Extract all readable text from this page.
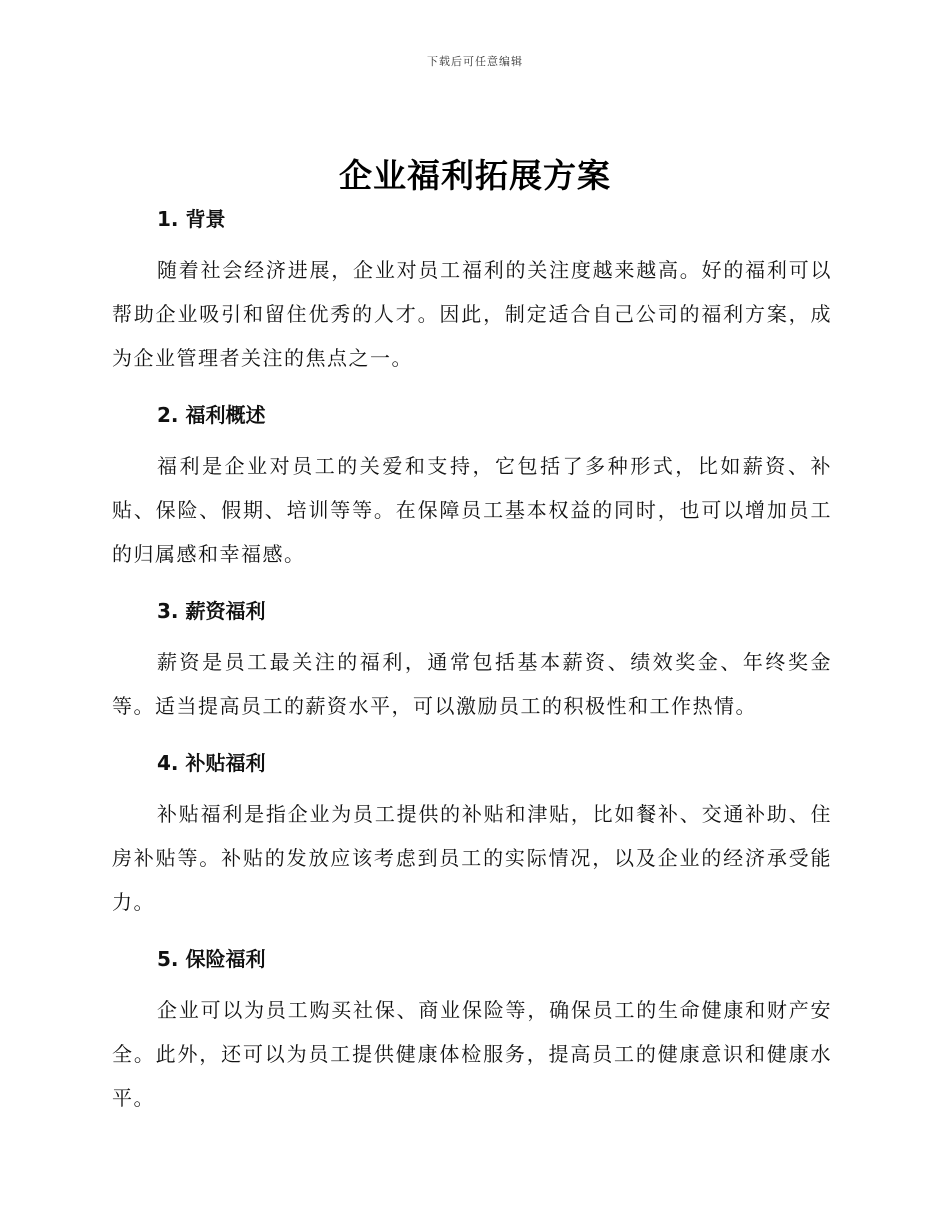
下载后可任意编辑
企业福利拓展方案
1. 背景

随着社会经济进展，企业对员工福利的关注度越来越高。好的福利可以帮助企业吸引和留住优秀的人才。因此，制定适合自己公司的福利方案，成为企业管理者关注的焦点之一。

2. 福利概述

福利是企业对员工的关爱和支持，它包括了多种形式，比如薪资、补贴、保险、假期、培训等等。在保障员工基本权益的同时，也可以增加员工的归属感和幸福感。

3. 薪资福利

薪资是员工最关注的福利，通常包括基本薪资、绩效奖金、年终奖金等。适当提高员工的薪资水平，可以激励员工的积极性和工作热情。

4. 补贴福利

补贴福利是指企业为员工提供的补贴和津贴，比如餐补、交通补助、住房补贴等。补贴的发放应该考虑到员工的实际情况，以及企业的经济承受能力。

5. 保险福利

企业可以为员工购买社保、商业保险等，确保员工的生命健康和财产安全。此外，还可以为员工提供健康体检服务，提高员工的健康意识和健康水平。
